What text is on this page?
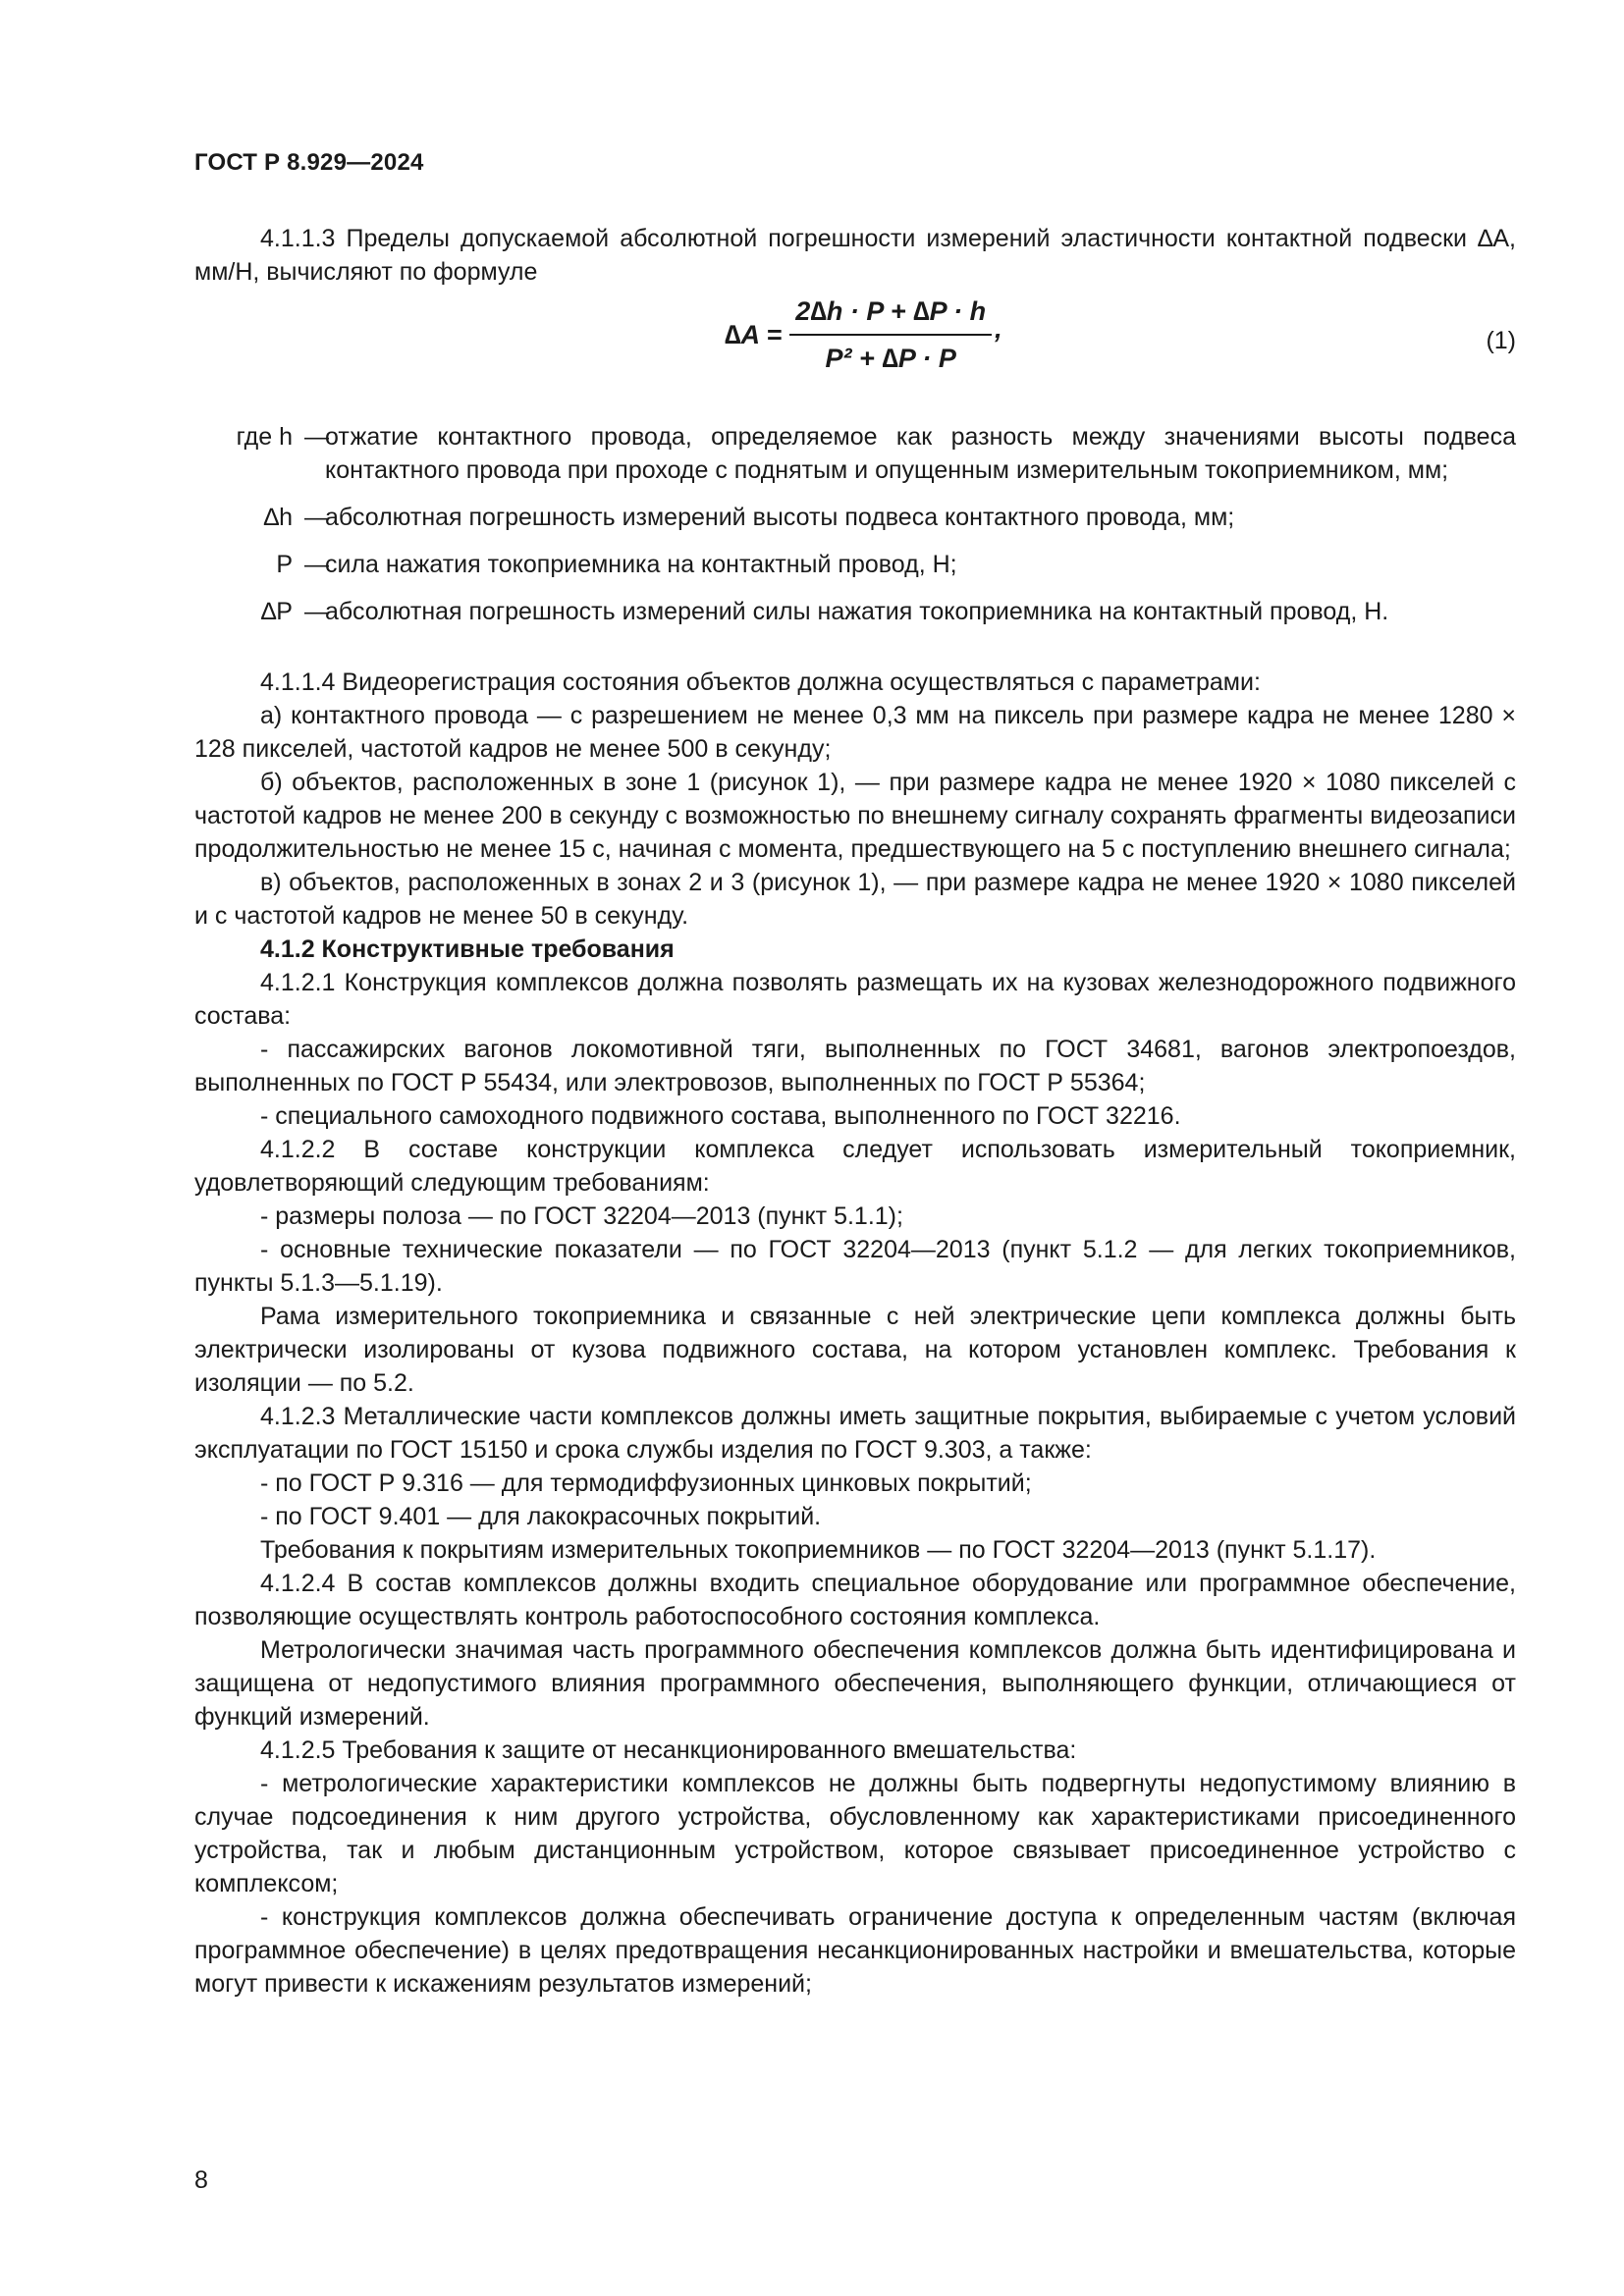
ГОСТ Р 8.929—2024

4.1.1.3 Пределы допускаемой абсолютной погрешности измерений эластичности контактной подвески ∆A, мм/Н, вычисляют по формуле

$\Delta A = \frac{2\Delta h \cdot P + \Delta P \cdot h}{\text{P² + ∆P · P}}$ ,	(1)
где h —
отжатие контактного провода, определяемое как разность между значениями высоты подвеса контактного провода при проходе с поднятым и опущенным измерительным токоприемником, мм;
∆h —
абсолютная погрешность измерений высоты подвеса контактного провода, мм;
P —
сила нажатия токоприемника на контактный провод, Н;
∆P —
абсолютная погрешность измерений силы нажатия токоприемника на контактный провод, Н.

4.1.1.4 Видеорегистрация состояния объектов должна осуществляться с параметрами:

а) контактного провода — с разрешением не менее 0,3 мм на пиксель при размере кадра не менее 1280 × 128 пикселей, частотой кадров не менее 500 в секунду;

б) объектов, расположенных в зоне 1 (рисунок 1), — при размере кадра не менее 1920 × 1080 пикселей с частотой кадров не менее 200 в секунду с возможностью по внешнему сигналу сохранять фрагменты видеозаписи продолжительностью не менее 15 с, начиная с момента, предшествующего на 5 с поступлению внешнего сигнала;

в) объектов, расположенных в зонах 2 и 3 (рисунок 1), — при размере кадра не менее 1920 × 1080 пикселей и с частотой кадров не менее 50 в секунду.

4.1.2 Конструктивные требования

4.1.2.1 Конструкция комплексов должна позволять размещать их на кузовах железнодорожного подвижного состава:

- пассажирских вагонов локомотивной тяги, выполненных по ГОСТ 34681, вагонов электропоездов, выполненных по ГОСТ Р 55434, или электровозов, выполненных по ГОСТ Р 55364;

- специального самоходного подвижного состава, выполненного по ГОСТ 32216.

4.1.2.2 В составе конструкции комплекса следует использовать измерительный токоприемник, удовлетворяющий следующим требованиям:

- размеры полоза — по ГОСТ 32204—2013 (пункт 5.1.1);

- основные технические показатели — по ГОСТ 32204—2013 (пункт 5.1.2 — для легких токоприемников, пункты 5.1.3—5.1.19).

Рама измерительного токоприемника и связанные с ней электрические цепи комплекса должны быть электрически изолированы от кузова подвижного состава, на котором установлен комплекс. Требования к изоляции — по 5.2.

4.1.2.3 Металлические части комплексов должны иметь защитные покрытия, выбираемые с учетом условий эксплуатации по ГОСТ 15150 и срока службы изделия по ГОСТ 9.303, а также:

- по ГОСТ Р 9.316 — для термодиффузионных цинковых покрытий;

- по ГОСТ 9.401 — для лакокрасочных покрытий.

Требования к покрытиям измерительных токоприемников — по ГОСТ 32204—2013 (пункт 5.1.17).

4.1.2.4 В состав комплексов должны входить специальное оборудование или программное обеспечение, позволяющие осуществлять контроль работоспособного состояния комплекса.

Метрологически значимая часть программного обеспечения комплексов должна быть идентифицирована и защищена от недопустимого влияния программного обеспечения, выполняющего функции, отличающиеся от функций измерений.

4.1.2.5 Требования к защите от несанкционированного вмешательства:

- метрологические характеристики комплексов не должны быть подвергнуты недопустимому влиянию в случае подсоединения к ним другого устройства, обусловленному как характеристиками присоединенного устройства, так и любым дистанционным устройством, которое связывает присоединенное устройство с комплексом;

- конструкция комплексов должна обеспечивать ограничение доступа к определенным частям (включая программное обеспечение) в целях предотвращения несанкционированных настройки и вмешательства, которые могут привести к искажениям результатов измерений;

8
